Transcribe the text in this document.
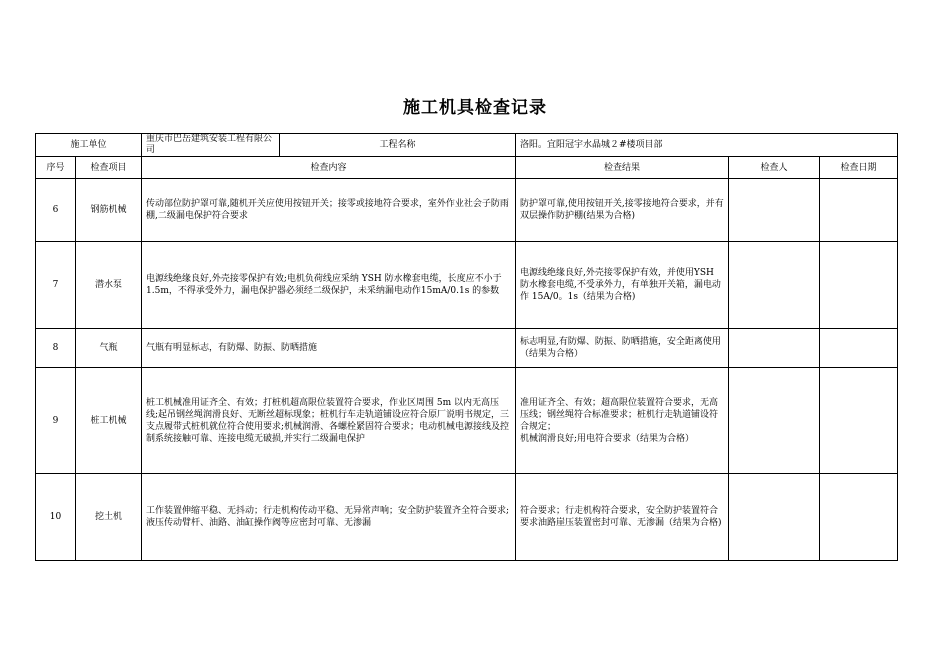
施工机具检查记录
施工单位		重庆市巴岳建筑安装工程有限公司	工程名称	洛阳。宜阳冠宇水晶城２#楼项目部		
序号	检查项目	检查内容		检查结果	检查人	检查日期
6	钢筋机械	传动部位防护罩可靠,随机开关应使用按钮开关；接零或接地符合要求，室外作业社会子防雨棚,二级漏电保护符合要求		防护罩可靠,使用按钮开关,接零接地符合要求，并有双层操作防护棚(结果为合格)		
7	潜水泵	电源线绝缘良好,外壳接零保护有效;电机负荷线应采纳 YSH 防水橡套电缆，长度应不小于 1.5m，不得承受外力，漏电保护器必须经二级保护，未采纳漏电动作15mA/0.1s 的参数		电源线绝缘良好,外壳接零保护有效，并使用YSH 防水橡套电缆,不受承外力，有单独开关箱，漏电动作 15A/0。1s（结果为合格)		
8	气瓶	气瓶有明显标志，有防爆、防振、防晒措施		标志明显,有防爆、防振、防晒措施，安全距离使用（结果为合格）		
9	桩工机械	桩工机械准用证齐全、有效；打桩机超高限位装置符合要求，作业区周围 5m 以内无高压线;起吊钢丝绳润滑良好、无断丝超标现象；桩机行车走轨道铺设应符合原厂说明书规定，三支点履带式桩机就位符合使用要求;机械润滑、各螺栓紧固符合要求；电动机械电源接线及控制系统接触可靠、连接电缆无破损,并实行二级漏电保护		准用证齐全、有效；超高限位装置符合要求，无高压线；钢丝绳符合标准要求；桩机行走轨道铺设符合规定；
机械润滑良好;用电符合要求（结果为合格）		
10	挖土机	工作装置伸缩平稳、无抖动；行走机构传动平稳、无异常声响；安全防护装置齐全符合要求;液压传动臂杆、油路、油缸操作阀等应密封可靠、无渗漏		符合要求；行走机构符合要求，安全防护装置符合要求油路崖压装置密封可靠、无渗漏（结果为合格)		
